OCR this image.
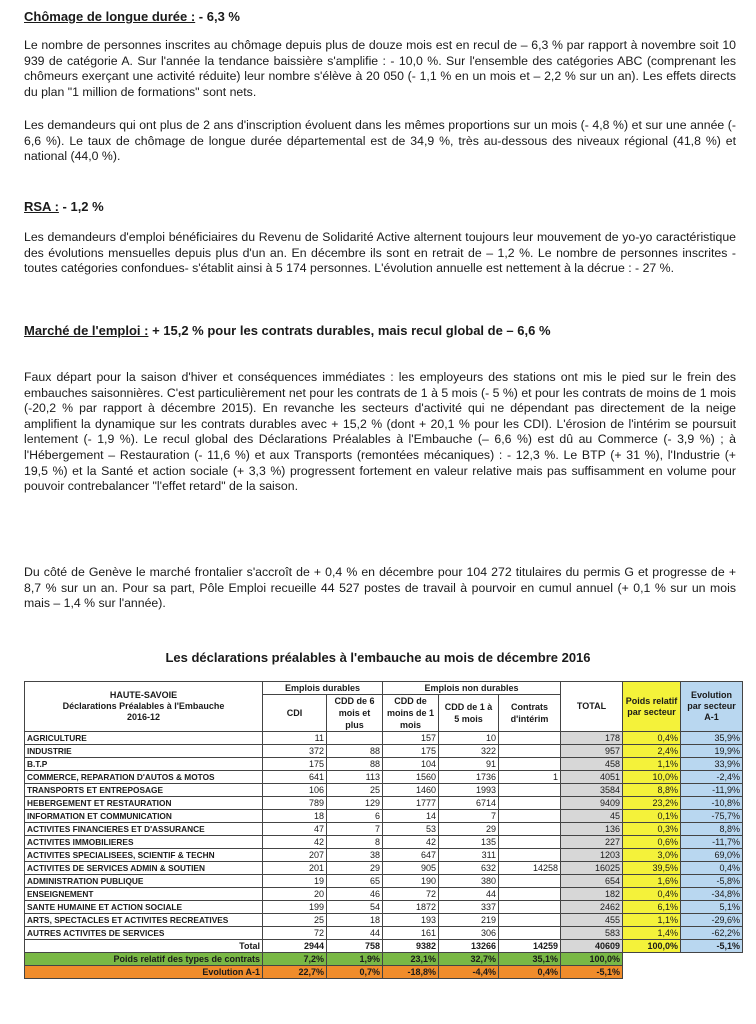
Chômage de longue durée : - 6,3 %

Le nombre de personnes inscrites au chômage depuis plus de douze mois est en recul de – 6,3 % par rapport à novembre soit 10 939 de catégorie A. Sur l'année la tendance baissière s'amplifie : - 10,0 %. Sur l'ensemble des catégories ABC (comprenant les chômeurs exerçant une activité réduite) leur nombre s'élève à 20 050 (- 1,1 % en un mois et – 2,2 % sur un an). Les effets directs du plan "1 million de formations" sont nets.

Les demandeurs qui ont plus de 2 ans d'inscription évoluent dans les mêmes proportions sur un mois (- 4,8 %) et sur une année (- 6,6 %). Le taux de chômage de longue durée départemental est de 34,9 %, très au-dessous des niveaux régional (41,8 %) et national (44,0 %).

RSA : - 1,2 %

Les demandeurs d'emploi bénéficiaires du Revenu de Solidarité Active alternent toujours leur mouvement de yo-yo caractéristique des évolutions mensuelles depuis plus d'un an. En décembre ils sont en retrait de – 1,2 %. Le nombre de personnes inscrites -toutes catégories confondues- s'établit ainsi à 5 174 personnes. L'évolution annuelle est nettement à la décrue : - 27 %.

Marché de l'emploi : + 15,2 % pour les contrats durables, mais recul global de – 6,6 %

Faux départ pour la saison d'hiver et conséquences immédiates : les employeurs des stations ont mis le pied sur le frein des embauches saisonnières. C'est particulièrement net pour les contrats de 1 à 5 mois (- 5 %) et pour les contrats de moins de 1 mois (-20,2 % par rapport à décembre 2015). En revanche les secteurs d'activité qui ne dépendant pas directement de la neige amplifient la dynamique sur les contrats durables avec + 15,2 % (dont + 20,1 % pour les CDI). L'érosion de l'intérim se poursuit lentement (- 1,9 %). Le recul global des Déclarations Préalables à l'Embauche (– 6,6 %) est dû au Commerce (- 3,9 %) ; à l'Hébergement – Restauration (- 11,6 %) et aux Transports (remontées mécaniques) : - 12,3 %. Le BTP (+ 31 %), l'Industrie (+ 19,5 %) et la Santé et action sociale (+ 3,3 %) progressent fortement en valeur relative mais pas suffisamment en volume pour pouvoir contrebalancer "l'effet retard" de la saison.

Du côté de Genève le marché frontalier s'accroît de + 0,4 % en décembre pour 104 272 titulaires du permis G et progresse de + 8,7 % sur un an. Pour sa part, Pôle Emploi recueille 44 527 postes de travail à pourvoir en cumul annuel (+ 0,1 % sur un mois mais – 1,4 % sur l'année).

Les déclarations préalables à l'embauche au mois de décembre 2016
HAUTE-SAVOIE
Déclarations Préalables à l'Embauche
2016-12	Emplois durables		Emplois non durables			TOTAL	Poids relatif par secteur	Evolution par secteur A-1
	CDI	CDD de 6 mois et plus	CDD de moins de 1 mois	CDD de 1 à 5 mois	Contrats d'intérim			
AGRICULTURE	11		157	10		178	0,4%	35,9%
INDUSTRIE	372	88	175	322		957	2,4%	19,9%
B.T.P	175	88	104	91		458	1,1%	33,9%
COMMERCE, REPARATION D'AUTOS & MOTOS	641	113	1560	1736	1	4051	10,0%	-2,4%
TRANSPORTS ET ENTREPOSAGE	106	25	1460	1993		3584	8,8%	-11,9%
HEBERGEMENT ET RESTAURATION	789	129	1777	6714		9409	23,2%	-10,8%
INFORMATION ET COMMUNICATION	18	6	14	7		45	0,1%	-75,7%
ACTIVITES FINANCIERES ET D'ASSURANCE	47	7	53	29		136	0,3%	8,8%
ACTIVITES IMMOBILIERES	42	8	42	135		227	0,6%	-11,7%
ACTIVITES SPECIALISEES, SCIENTIF & TECHN	207	38	647	311		1203	3,0%	69,0%
ACTIVITES DE SERVICES ADMIN & SOUTIEN	201	29	905	632	14258	16025	39,5%	0,4%
ADMINISTRATION PUBLIQUE	19	65	190	380		654	1,6%	-5,8%
ENSEIGNEMENT	20	46	72	44		182	0,4%	-34,8%
SANTE HUMAINE ET ACTION SOCIALE	199	54	1872	337		2462	6,1%	5,1%
ARTS, SPECTACLES ET ACTIVITES RECREATIVES	25	18	193	219		455	1,1%	-29,6%
AUTRES ACTIVITES DE SERVICES	72	44	161	306		583	1,4%	-62,2%
Total	2944	758	9382	13266	14259	40609	100,0%	-5,1%
Poids relatif des types de contrats	7,2%	1,9%	23,1%	32,7%	35,1%	100,0%		
Evolution A-1	22,7%	0,7%	-18,8%	-4,4%	0,4%	-5,1%		
